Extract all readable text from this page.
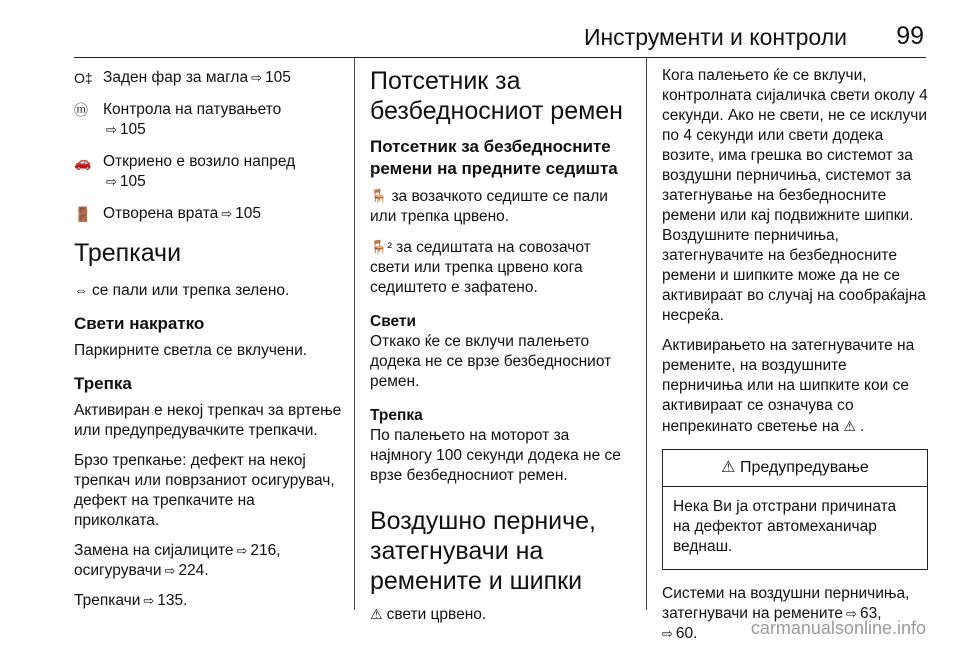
Инструменти и контроли 99
O‡ Заден фар за магла ⇨ 105
ⓜ Контрола на патувањето
⇨ 105
🚗 Откриено е возило напред
⇨ 105
🚪 Отворена врата ⇨ 105
Трепкачи

⇔ се пали или трепка зелено.

Свети накратко

Паркирните светла се вклучени.

Трепка

Активиран е некој трепкач за вртење или предупредувачките трепкачи.

Брзо трепкање: дефект на некој трепкач или поврзаниот осигурувач, дефект на трепкачите на приколката.

Замена на сијалиците ⇨ 216, осигурувачи ⇨ 224.

Трепкачи ⇨ 135.

Потсетник за безбедносниот ремен
Потсетник за безбедносните ремени на предните седишта

🪑 за возачкото седиште се пали или трепка црвено.

🪑² за седиштата на совозачот свети или трепка црвено кога седиштето е зафатено.

Свети

Откако ќе се вклучи палењето додека не се врзе безбедносниот ремен.

Трепка

По палењето на моторот за најмногу 100 секунди додека не се врзе безбедносниот ремен.

Воздушно перниче, затегнувачи на ремените и шипки

⚠ свети црвено.

Кога палењето ќе се вклучи, контролната сијаличка свети околу 4 секунди. Ако не свети, не се исклучи по 4 секунди или свети додека возите, има грешка во системот за воздушни перничиња, системот за затегнување на безбедносните ремени или кај подвижните шипки. Воздушните перничиња, затегнувачите на безбедносните ремени и шипките може да не се активираат во случај на сообраќајна несреќа.

Активирањето на затегнувачите на ремените, на воздушните перничиња или на шипките кои се активираат се означува со непрекинато светење на ⚠ .

⚠ Предупредување
Нека Ви ја отстрани причината на дефектот автомеханичар веднаш.

Системи на воздушни перничиња, затегнувачи на ремените ⇨ 63,
⇨ 60.	carmanualsonline.info
